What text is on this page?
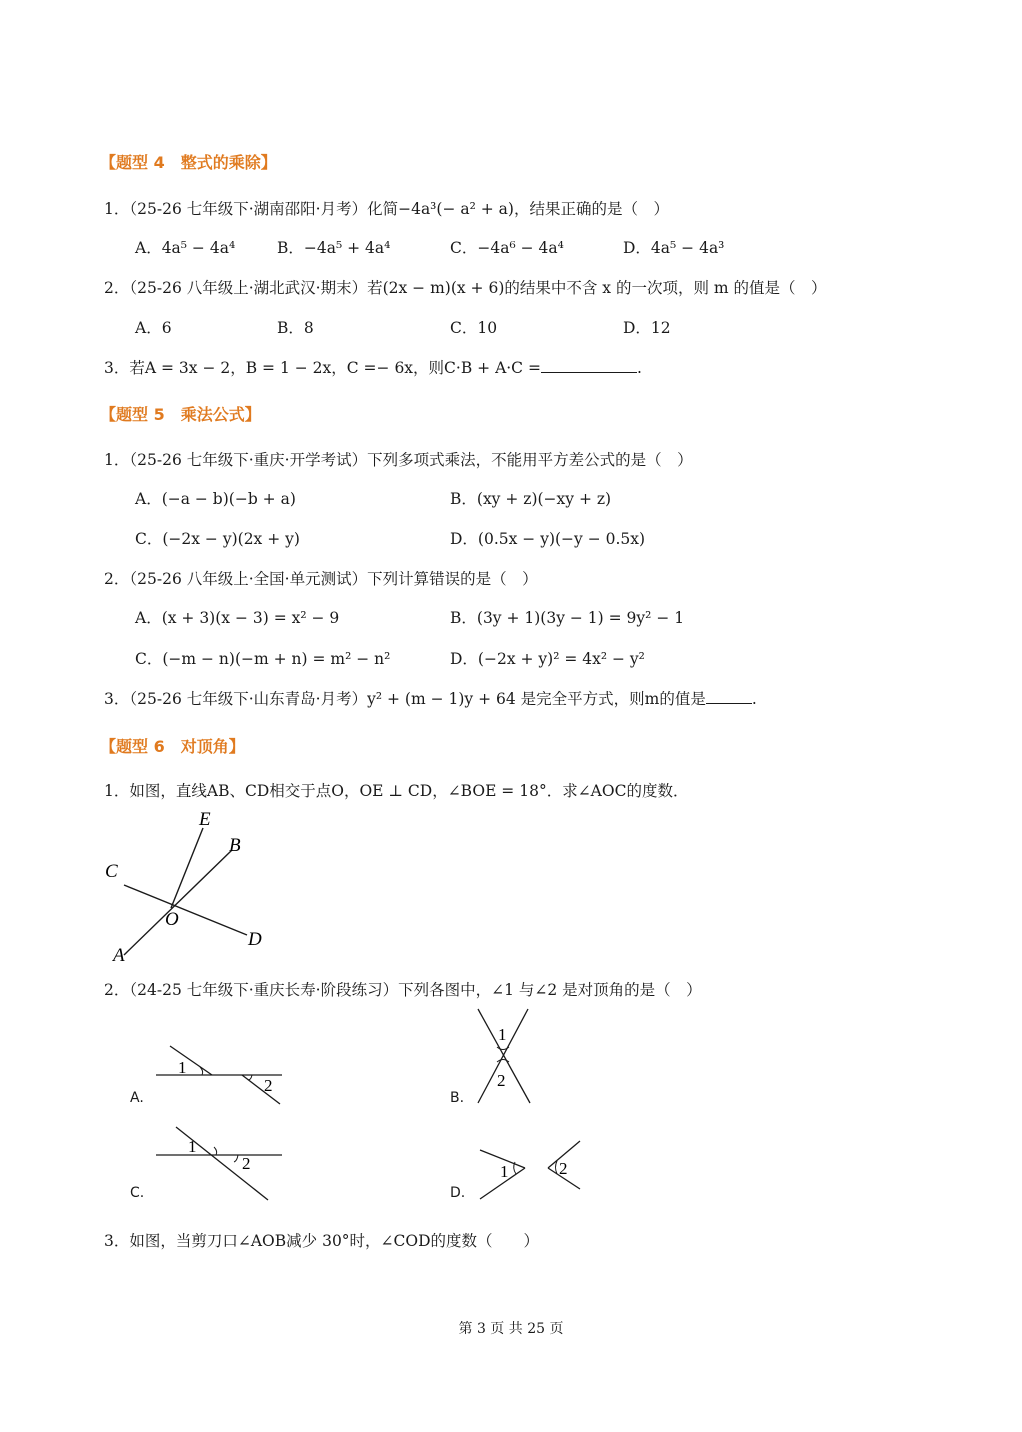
【题型 4　整式的乘除】
1．（25-26 七年级下·湖南邵阳·月考）化简−4a³(− a² + a)，结果正确的是（　）
A．4a⁵ − 4a⁴	B．−4a⁵ + 4a⁴	C．−4a⁶ − 4a⁴	D．4a⁵ − 4a³
2．（25-26 八年级上·湖北武汉·期末）若(2x − m)(x + 6)的结果中不含 x 的一次项，则 m 的值是（　）
A．6	B．8	C．10	D．12
3．若A = 3x − 2，B = 1 − 2x，C =− 6x，则C·B + A·C =	.
【题型 5　乘法公式】
1．（25-26 七年级下·重庆·开学考试）下列多项式乘法，不能用平方差公式的是（　）
A．(−a − b)(−b + a)	B．(xy + z)(−xy + z)
C．(−2x − y)(2x + y)	D．(0.5x − y)(−y − 0.5x)
2．（25-26 八年级上·全国·单元测试）下列计算错误的是（　）
A．(x + 3)(x − 3) = x² − 9	B．(3y + 1)(3y − 1) = 9y² − 1
C．(−m − n)(−m + n) = m² − n²	D．(−2x + y)² = 4x² − y²
3．（25-26 七年级下·山东青岛·月考）y² + (m − 1)y + 64 是完全平方式，则m的值是	.
【题型 6　对顶角】
1．如图，直线AB、CD相交于点O，OE ⊥ CD，∠BOE = 18°．求∠AOC的度数．
E
B
C
O
A
D
2．（24-25 七年级下·重庆长寿·阶段练习）下列各图中，∠1 与∠2 是对顶角的是（　）
A.
1
2
B.
1
2
C.
1
2
D.
1	2
3．如图，当剪刀口∠AOB减少 30°时，∠COD的度数（　　）
第 3 页 共 25 页
